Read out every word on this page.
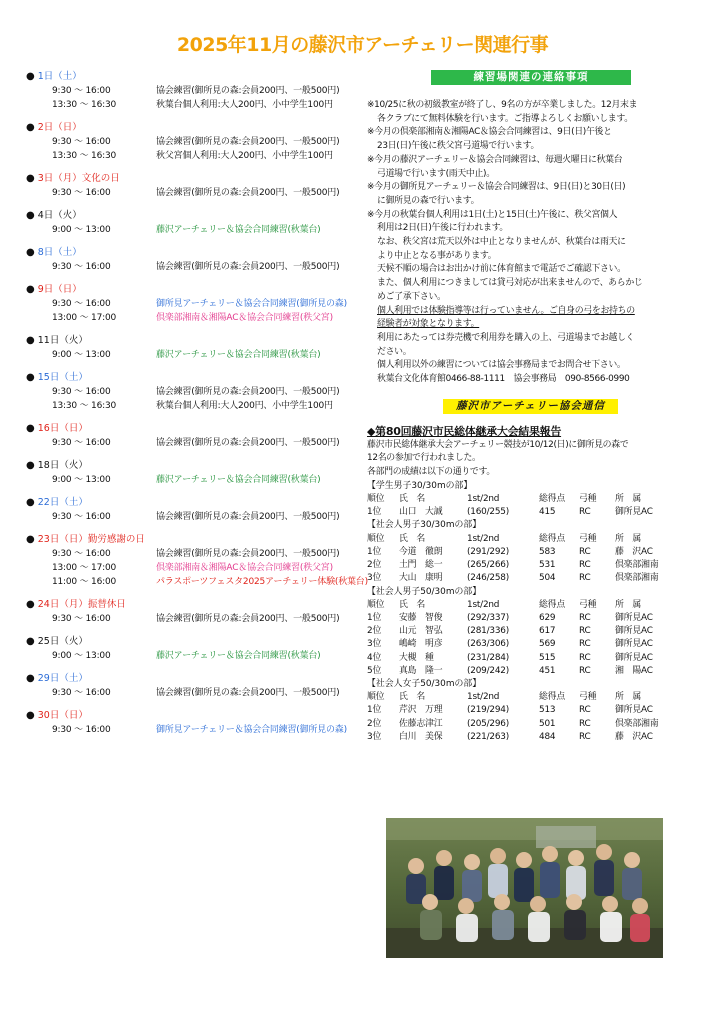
2025年11月の藤沢市アーチェリー関連行事
● 1日（土）
9:30 〜 16:00	協会練習(御所見の森:会員200円、一般500円)
13:30 〜 16:30	秋葉台個人利用:大人200円、小中学生100円
● 2日（日）
9:30 〜 16:00	協会練習(御所見の森:会員200円、一般500円)
13:30 〜 16:30	秋父宮個人利用:大人200円、小中学生100円
● 3日（月）文化の日
9:30 〜 16:00	協会練習(御所見の森:会員200円、一般500円)
● 4日（火）
9:00 〜 13:00	藤沢アーチェリー＆協会合同練習(秋葉台)
● 8日（土）
9:30 〜 16:00	協会練習(御所見の森:会員200円、一般500円)
● 9日（日）
9:30 〜 16:00	御所見アーチェリー＆協会合同練習(御所見の森)
13:00 〜 17:00	倶楽部湘南＆湘陽AC＆協会合同練習(秩父宮)
● 11日（火）
9:00 〜 13:00	藤沢アーチェリー＆協会合同練習(秋葉台)
● 15日（土）
9:30 〜 16:00	協会練習(御所見の森:会員200円、一般500円)
13:30 〜 16:30	秋葉台個人利用:大人200円、小中学生100円
● 16日（日）
9:30 〜 16:00	協会練習(御所見の森:会員200円、一般500円)
● 18日（火）
9:00 〜 13:00	藤沢アーチェリー＆協会合同練習(秋葉台)
● 22日（土）
9:30 〜 16:00	協会練習(御所見の森:会員200円、一般500円)
● 23日（日）勤労感謝の日
9:30 〜 16:00	協会練習(御所見の森:会員200円、一般500円)
13:00 〜 17:00	倶楽部湘南＆湘陽AC＆協会合同練習(秩父宮)
11:00 〜 16:00	パラスポーツフェスタ2025アーチェリー体験(秋葉台)
● 24日（月）振替休日
9:30 〜 16:00	協会練習(御所見の森:会員200円、一般500円)
● 25日（火）
9:00 〜 13:00	藤沢アーチェリー＆協会合同練習(秋葉台)
● 29日（土）
9:30 〜 16:00	協会練習(御所見の森:会員200円、一般500円)
● 30日（日）
9:30 〜 16:00	御所見アーチェリー＆協会合同練習(御所見の森)
練習場関連の連絡事項
※10/25に秋の初級教室が終了し、9名の方が卒業しました。12月末ま
各クラブにて無料体験を行います。ご指導よろしくお願いします。
※今月の倶楽部湘南＆湘陽AC＆協会合同練習は、9日(日)午後と
23日(日)午後に秩父宮弓道場で行います。
※今月の藤沢アーチェリー＆協会合同練習は、毎週火曜日に秋葉台
弓道場で行います(雨天中止)。
※今月の御所見アーチェリー＆協会合同練習は、9日(日)と30日(日)
に御所見の森で行います。
※今月の秋葉台個人利用は1日(土)と15日(土)午後に、秩父宮個人
利用は2日(日)午後に行われます。
なお、秩父宮は荒天以外は中止となりませんが、秋葉台は雨天に
より中止となる事があります。
天候不順の場合はお出かけ前に体育館まで電話でご確認下さい。
また、個人利用につきましては貸弓対応が出来ませんので、あらかじ
めご了承下さい。
個人利用では体験指導等は行っていません。ご自身の弓をお持ちの
経験者が対象となります。
利用にあたっては券売機で利用券を購入の上、弓道場までお越しく
ださい。
個人利用以外の練習については協会事務局までお問合せ下さい。
秋葉台文化体育館0466-88-1111　協会事務局　090-8566-0990
藤沢市アーチェリー協会通信
◆第80回藤沢市民総体継承大会結果報告
藤沢市民総体継承大会アーチェリー競技が10/12(日)に御所見の森で
12名の参加で行われました。
各部門の成績は以下の通りです。
【学生男子30/30mの部】
順位	氏　名	1st/2nd	総得点	弓種	所　属
1位	山口　大誠	(160/255)	415	RC	御所見AC
【社会人男子30/30mの部】
順位	氏　名	1st/2nd	総得点	弓種	所　属
1位	今道　徹朗	(291/292)	583	RC	藤　沢AC
2位	土門　総一	(265/266)	531	RC	倶楽部湘南
3位	大山　康明	(246/258)	504	RC	倶楽部湘南
【社会人男子50/30mの部】
順位	氏　名	1st/2nd	総得点	弓種	所　属
1位	安藤　智俊	(292/337)	629	RC	御所見AC
2位	山元　智弘	(281/336)	617	RC	御所見AC
3位	嶋崎　明彦	(263/306)	569	RC	御所見AC
4位	大槻　種	(231/284)	515	RC	御所見AC
5位	真島　隆一	(209/242)	451	RC	湘　陽AC
【社会人女子50/30mの部】
順位	氏　名	1st/2nd	総得点	弓種	所　属
1位	芹沢　万理	(219/294)	513	RC	御所見AC
2位	佐藤志津江	(205/296)	501	RC	倶楽部湘南
3位	白川　美保	(221/263)	484	RC	藤　沢AC
